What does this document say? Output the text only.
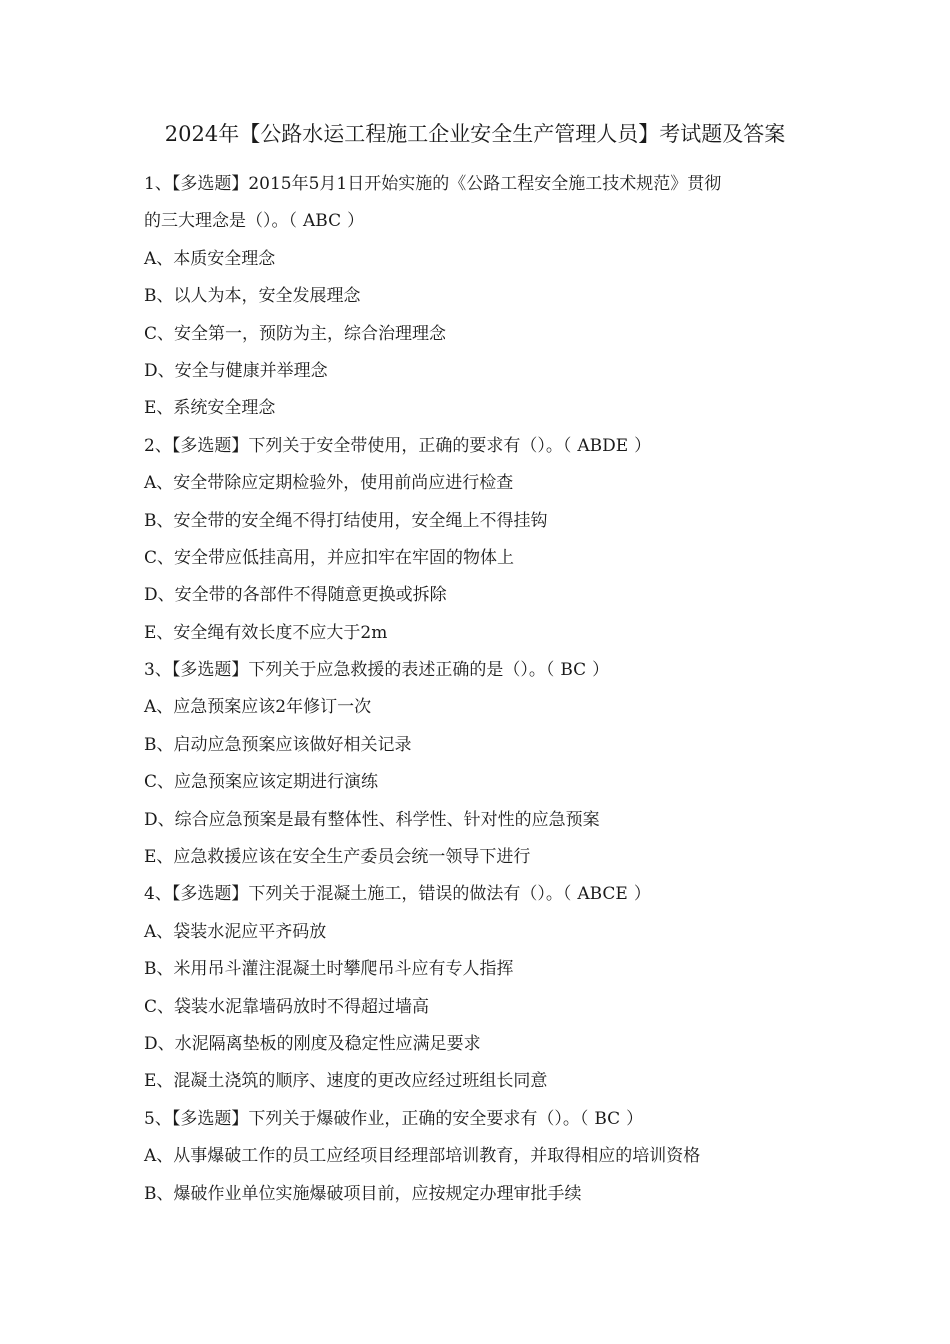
2024年【公路水运工程施工企业安全生产管理人员】考试题及答案
1、【多选题】2015年5月1日开始实施的《公路工程安全施工技术规范》贯彻
的三大理念是（）。（ ABC ）
A、本质安全理念
B、以人为本，安全发展理念
C、安全第一，预防为主，综合治理理念
D、安全与健康并举理念
E、系统安全理念
2、【多选题】下列关于安全带使用，正确的要求有（）。（ ABDE ）
A、安全带除应定期检验外，使用前尚应进行检查
B、安全带的安全绳不得打结使用，安全绳上不得挂钩
C、安全带应低挂高用，并应扣牢在牢固的物体上
D、安全带的各部件不得随意更换或拆除
E、安全绳有效长度不应大于2m
3、【多选题】下列关于应急救援的表述正确的是（）。（ BC ）
A、应急预案应该2年修订一次
B、启动应急预案应该做好相关记录
C、应急预案应该定期进行演练
D、综合应急预案是最有整体性、科学性、针对性的应急预案
E、应急救援应该在安全生产委员会统一领导下进行
4、【多选题】下列关于混凝土施工，错误的做法有（）。（ ABCE ）
A、袋装水泥应平齐码放
B、米用吊斗灌注混凝土时攀爬吊斗应有专人指挥
C、袋装水泥靠墙码放时不得超过墙高
D、水泥隔离垫板的刚度及稳定性应满足要求
E、混凝土浇筑的顺序、速度的更改应经过班组长同意
5、【多选题】下列关于爆破作业，正确的安全要求有（）。（ BC ）
A、从事爆破工作的员工应经项目经理部培训教育，并取得相应的培训资格
B、爆破作业单位实施爆破项目前，应按规定办理审批手续
